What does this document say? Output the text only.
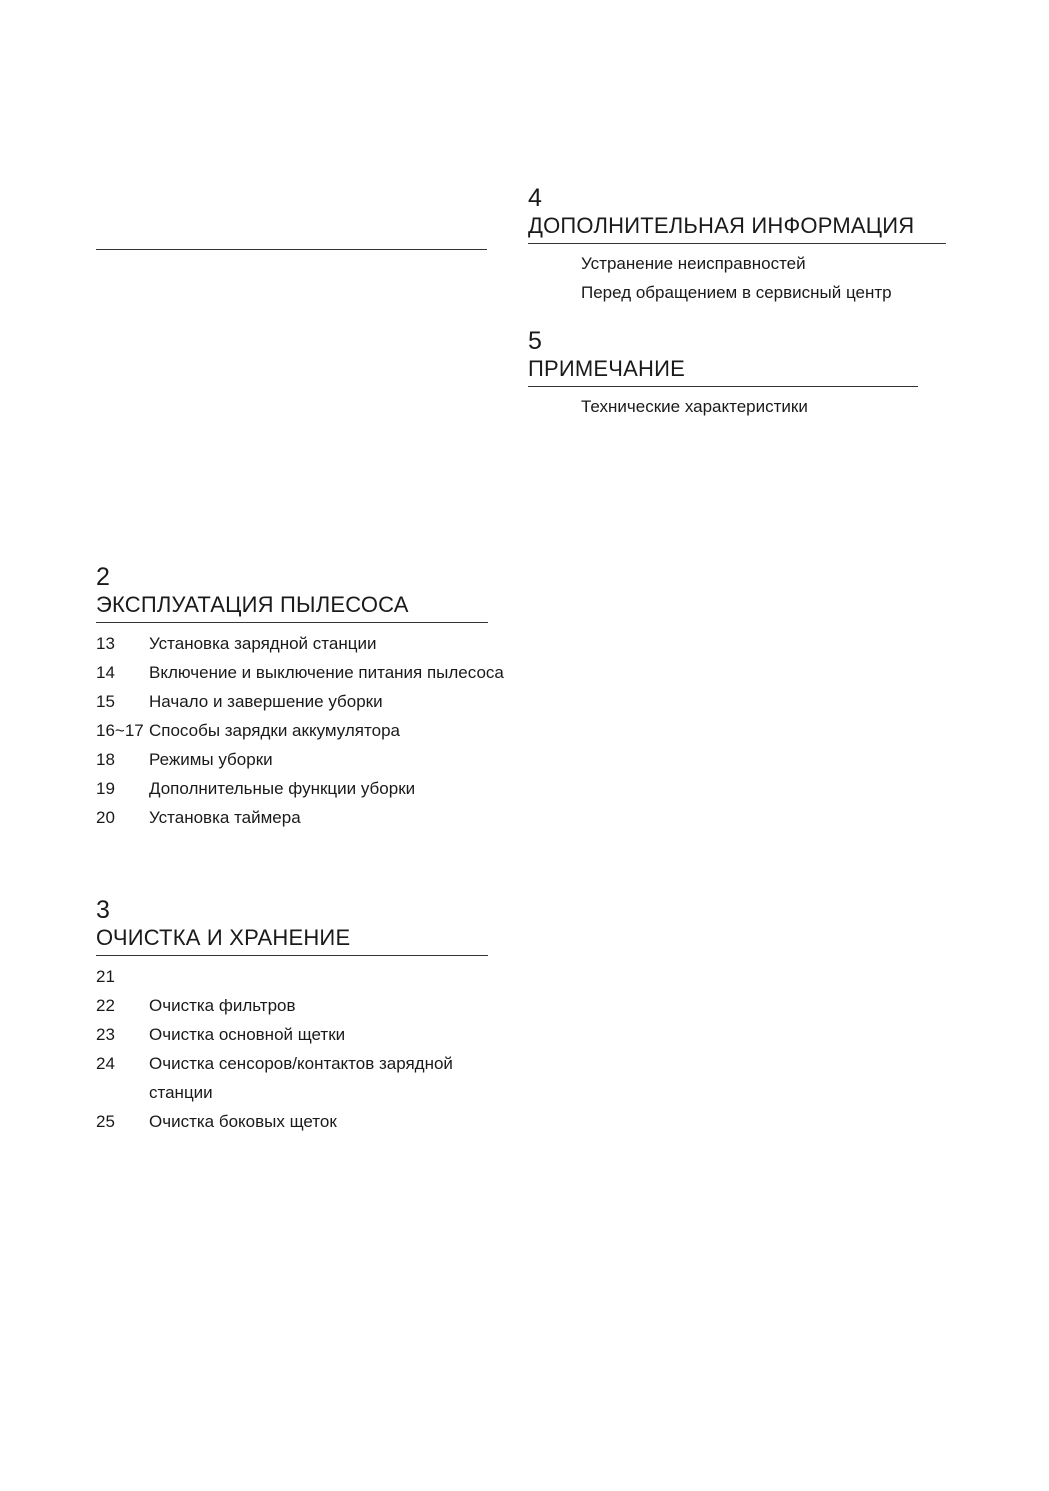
4
ДОПОЛНИТЕЛЬНАЯ ИНФОРМАЦИЯ
Устранение неисправностей
Перед обращением в сервисный центр
5
ПРИМЕЧАНИЕ
Технические характеристики
2
ЭКСПЛУАТАЦИЯ ПЫЛЕСОСА
13 Установка зарядной станции
14 Включение и выключение питания пылесоса
15 Начало и завершение уборки
16~17 Способы зарядки аккумулятора
18 Режимы уборки
19 Дополнительные функции уборки
20 Установка таймера
3
ОЧИСТКА И ХРАНЕНИЕ
21
22 Очистка фильтров
23 Очистка основной щетки
24 Очистка сенсоров/контактов зарядной станции
25 Очистка боковых щеток
